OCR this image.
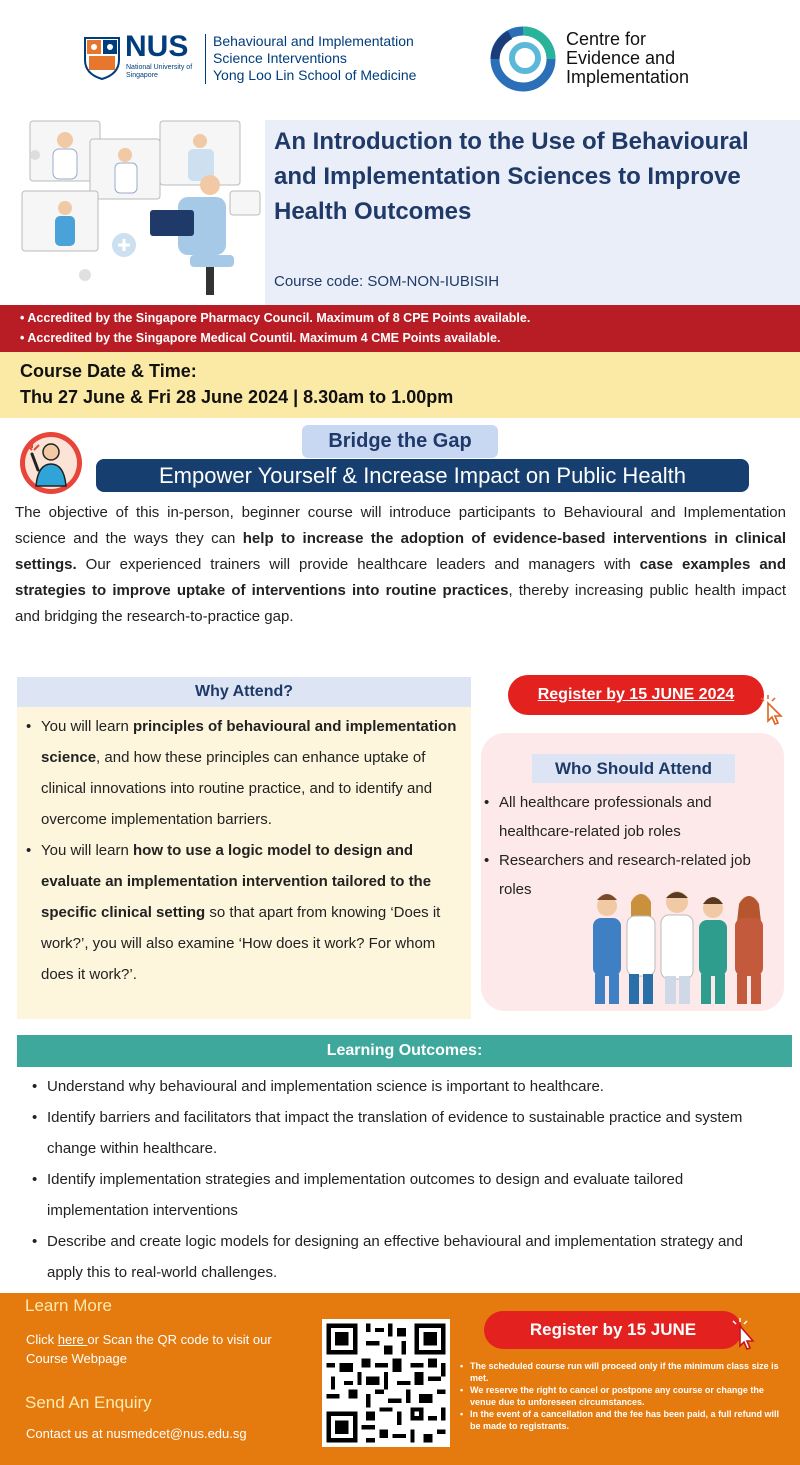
NUS
National University of Singapore
Behavioural and Implementation
Science Interventions
Yong Loo Lin School of Medicine
Centre for
Evidence and
Implementation
An Introduction to the Use of Behavioural and Implementation Sciences to Improve Health Outcomes
Course code: SOM-NON-IUBISIH
• Accredited by the Singapore Pharmacy Council. Maximum of 8 CPE Points available.
• Accredited by the Singapore Medical Countil. Maximum 4 CME Points available.
Course Date & Time:
Thu 27 June & Fri 28 June 2024 | 8.30am to 1.00pm
Bridge the Gap
Empower Yourself & Increase Impact on Public Health
The objective of this in-person, beginner course will introduce participants to Behavioural and Implementation science and the ways they can help to increase the adoption of evidence-based interventions in clinical settings. Our experienced trainers will provide healthcare leaders and managers with case examples and strategies to improve uptake of interventions into routine practices, thereby increasing public health impact and bridging the research-to-practice gap.
Why Attend?
• You will learn principles of behavioural and implementation science, and how these principles can enhance uptake of clinical innovations into routine practice, and to identify and overcome implementation barriers.
• You will learn how to use a logic model to design and evaluate an implementation intervention tailored to the specific clinical setting so that apart from knowing ‘Does it work?’, you will also examine ‘How does it work? For whom does it work?’.
Register by 15 JUNE 2024
Who Should Attend
• All healthcare professionals and healthcare-related job roles
• Researchers and research-related job roles
Learning Outcomes:
• Understand why behavioural and implementation science is important to healthcare.
• Identify barriers and facilitators that impact the translation of evidence to sustainable practice and system change within healthcare.
• Identify implementation strategies and implementation outcomes to design and evaluate tailored implementation interventions
• Describe and create logic models for designing an effective behavioural and implementation strategy and apply this to real-world challenges.
Learn More
Click here or Scan the QR code to visit our Course Webpage
Send An Enquiry
Contact us at nusmedcet@nus.edu.sg
Register by 15 JUNE
• The scheduled course run will proceed only if the minimum class size is met.
• We reserve the right to cancel or postpone any course or change the venue due to unforeseen circumstances.
• In the event of a cancellation and the fee has been paid, a full refund will be made to registrants.
